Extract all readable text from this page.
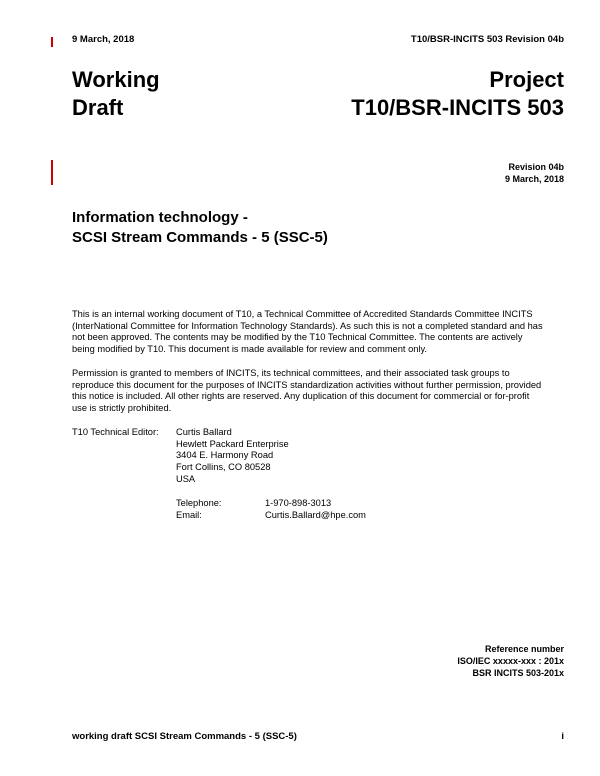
9 March, 2018	T10/BSR-INCITS 503 Revision 04b
Working
Draft
Project
T10/BSR-INCITS 503
Revision 04b
9 March, 2018
Information technology -
SCSI Stream Commands - 5 (SSC-5)
This is an internal working document of T10, a Technical Committee of Accredited Standards Committee INCITS
(InterNational Committee for Information Technology Standards). As such this is not a completed standard and has
not been approved. The contents may be modified by the T10 Technical Committee. The contents are actively
being modified by T10. This document is made available for review and comment only.
Permission is granted to members of INCITS, its technical committees, and their associated task groups to
reproduce this document for the purposes of INCITS standardization activities without further permission, provided
this notice is included. All other rights are reserved. Any duplication of this document for commercial or for-profit
use is strictly prohibited.
T10 Technical Editor: Curtis Ballard
Hewlett Packard Enterprise
3404 E. Harmony Road
Fort Collins, CO 80528
USA
Telephone:	1-970-898-3013
Email:	Curtis.Ballard@hpe.com
Reference number
ISO/IEC xxxxx-xxx : 201x
BSR INCITS 503-201x
working draft SCSI Stream Commands - 5 (SSC-5)	i
